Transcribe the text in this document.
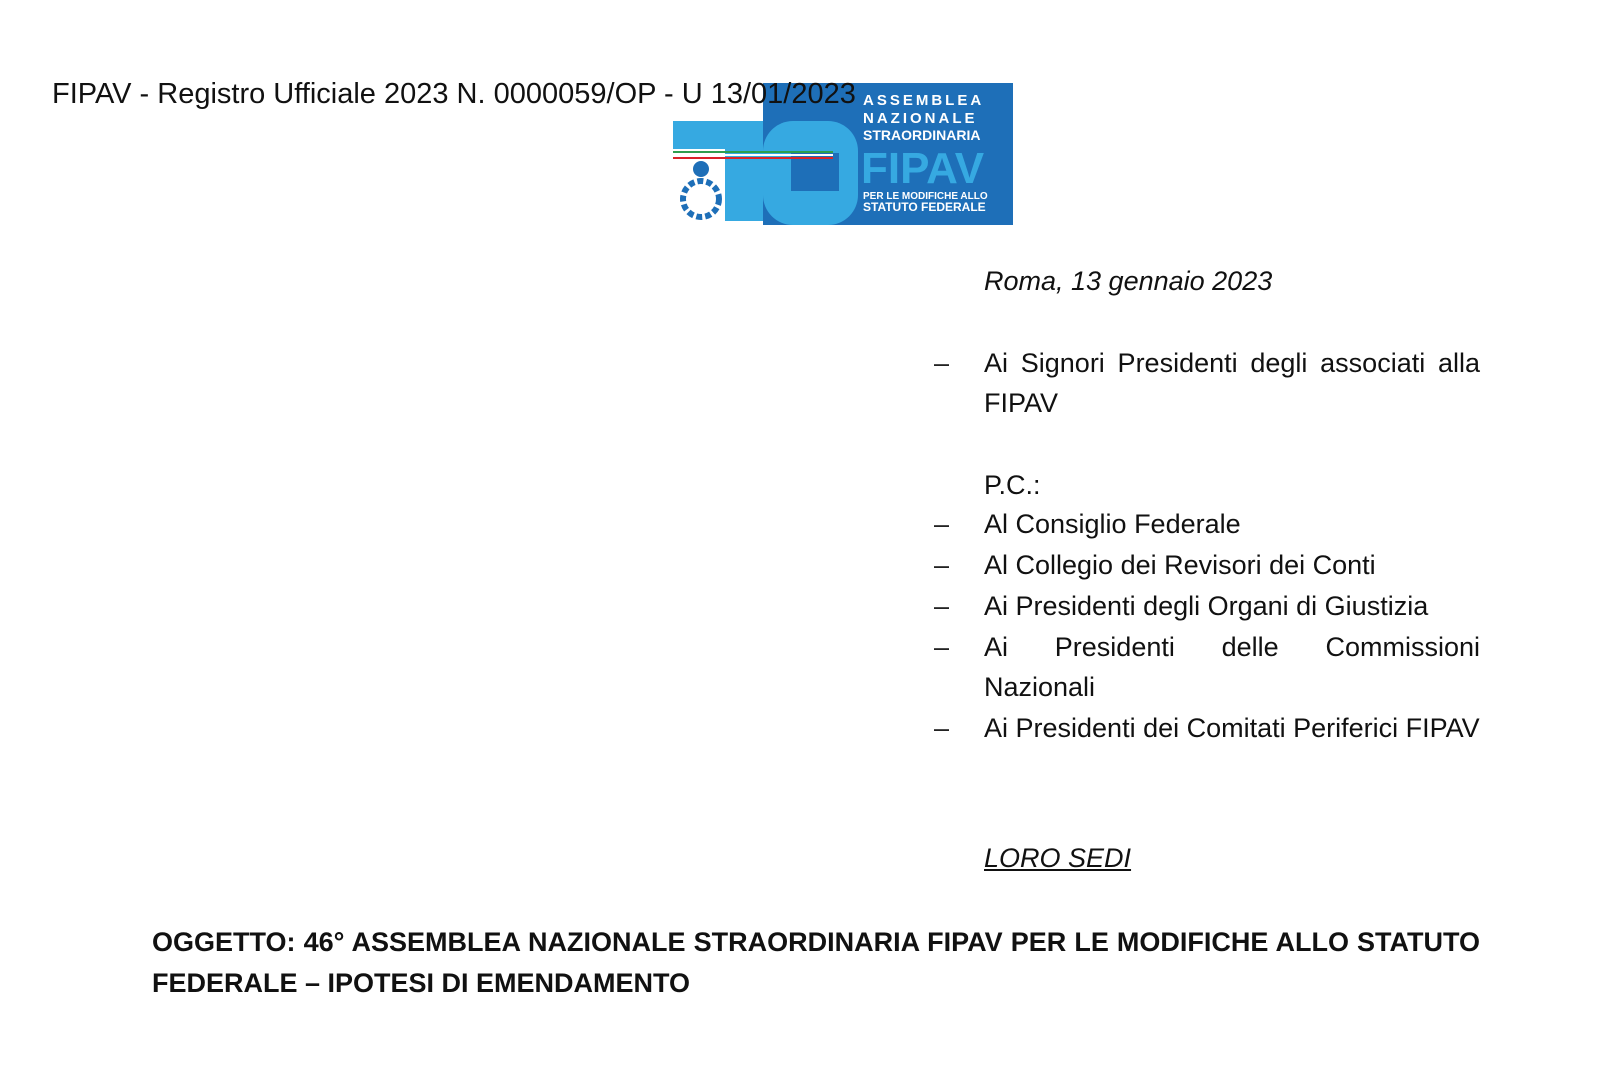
FIPAV - Registro Ufficiale 2023 N. 0000059/OP - U 13/01/2023 ASSEMBLEA
NAZIONALE
STRAORDINARIA
FIPAV
PER LE MODIFICHE ALLO
STATUTO FEDERALE
Roma, 13 gennaio 2023
– Ai Signori Presidenti degli associati alla FIPAV
P.C.:
– Al Consiglio Federale
– Al Collegio dei Revisori dei Conti
– Ai Presidenti degli Organi di Giustizia
– Ai Presidenti delle Commissioni Nazionali
– Ai Presidenti dei Comitati Periferici FIPAV
LORO SEDI
OGGETTO: 46° ASSEMBLEA NAZIONALE STRAORDINARIA FIPAV PER LE MODIFICHE ALLO STATUTO FEDERALE – IPOTESI DI EMENDAMENTO
